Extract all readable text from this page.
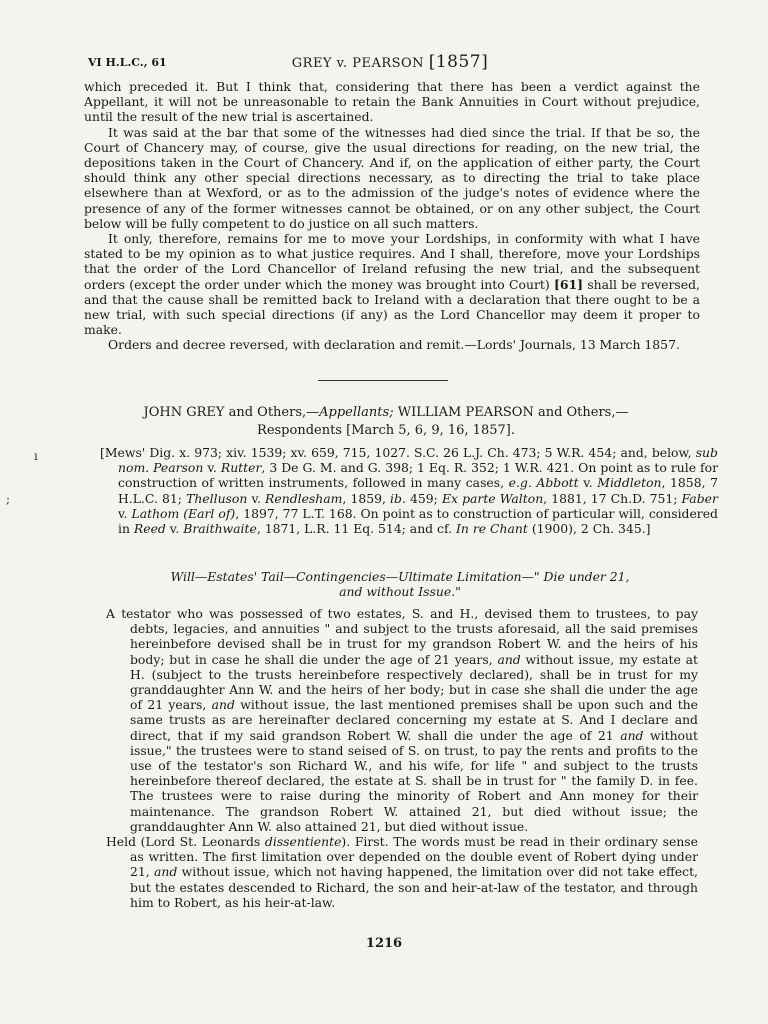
VI H.L.C., 61	GREY v. PEARSON [1857]

which preceded it. But I think that, considering that there has been a verdict against the Appellant, it will not be unreasonable to retain the Bank Annuities in Court without prejudice, until the result of the new trial is ascertained.

It was said at the bar that some of the witnesses had died since the trial. If that be so, the Court of Chancery may, of course, give the usual directions for reading, on the new trial, the depositions taken in the Court of Chancery. And if, on the application of either party, the Court should think any other special directions necessary, as to directing the trial to take place elsewhere than at Wexford, or as to the admission of the judge's notes of evidence where the presence of any of the former witnesses cannot be obtained, or on any other subject, the Court below will be fully competent to do justice on all such matters.

It only, therefore, remains for me to move your Lordships, in conformity with what I have stated to be my opinion as to what justice requires. And I shall, therefore, move your Lordships that the order of the Lord Chancellor of Ireland refusing the new trial, and the subsequent orders (except the order under which the money was brought into Court) [61] shall be reversed, and that the cause shall be remitted back to Ireland with a declaration that there ought to be a new trial, with such special directions (if any) as the Lord Chancellor may deem it proper to make.

Orders and decree reversed, with declaration and remit.—Lords' Journals, 13 March 1857.

JOHN GREY and Others,—Appellants; WILLIAM PEARSON and Others,—
Respondents [March 5, 6, 9, 16, 1857].
[Mews' Dig. x. 973; xiv. 1539; xv. 659, 715, 1027. S.C. 26 L.J. Ch. 473; 5 W.R. 454; and, below, sub nom. Pearson v. Rutter, 3 De G. M. and G. 398; 1 Eq. R. 352; 1 W.R. 421. On point as to rule for construction of written instruments, followed in many cases, e.g. Abbott v. Middleton, 1858, 7 H.L.C. 81; Thelluson v. Rendlesham, 1859, ib. 459; Ex parte Walton, 1881, 17 Ch.D. 751; Faber v. Lathom (Earl of), 1897, 77 L.T. 168. On point as to construction of particular will, considered in Reed v. Braithwaite, 1871, L.R. 11 Eq. 514; and cf. In re Chant (1900), 2 Ch. 345.]
Will—Estates' Tail—Contingencies—Ultimate Limitation—" Die under 21,
and without Issue."

A testator who was possessed of two estates, S. and H., devised them to trustees, to pay debts, legacies, and annuities " and subject to the trusts aforesaid, all the said premises hereinbefore devised shall be in trust for my grandson Robert W. and the heirs of his body; but in case he shall die under the age of 21 years, and without issue, my estate at H. (subject to the trusts hereinbefore respectively declared), shall be in trust for my granddaughter Ann W. and the heirs of her body; but in case she shall die under the age of 21 years, and without issue, the last mentioned premises shall be upon such and the same trusts as are hereinafter declared concerning my estate at S. And I declare and direct, that if my said grandson Robert W. shall die under the age of 21 and without issue," the trustees were to stand seised of S. on trust, to pay the rents and profits to the use of the testator's son Richard W., and his wife, for life " and subject to the trusts hereinbefore thereof declared, the estate at S. shall be in trust for " the family D. in fee. The trustees were to raise during the minority of Robert and Ann money for their maintenance. The grandson Robert W. attained 21, but died without issue; the granddaughter Ann W. also attained 21, but died without issue.

Held (Lord St. Leonards dissentiente). First. The words must be read in their ordinary sense as written. The first limitation over depended on the double event of Robert dying under 21, and without issue, which not having happened, the limitation over did not take effect, but the estates descended to Richard, the son and heir-at-law of the testator, and through him to Robert, as his heir-at-law.

1216
ı
;
